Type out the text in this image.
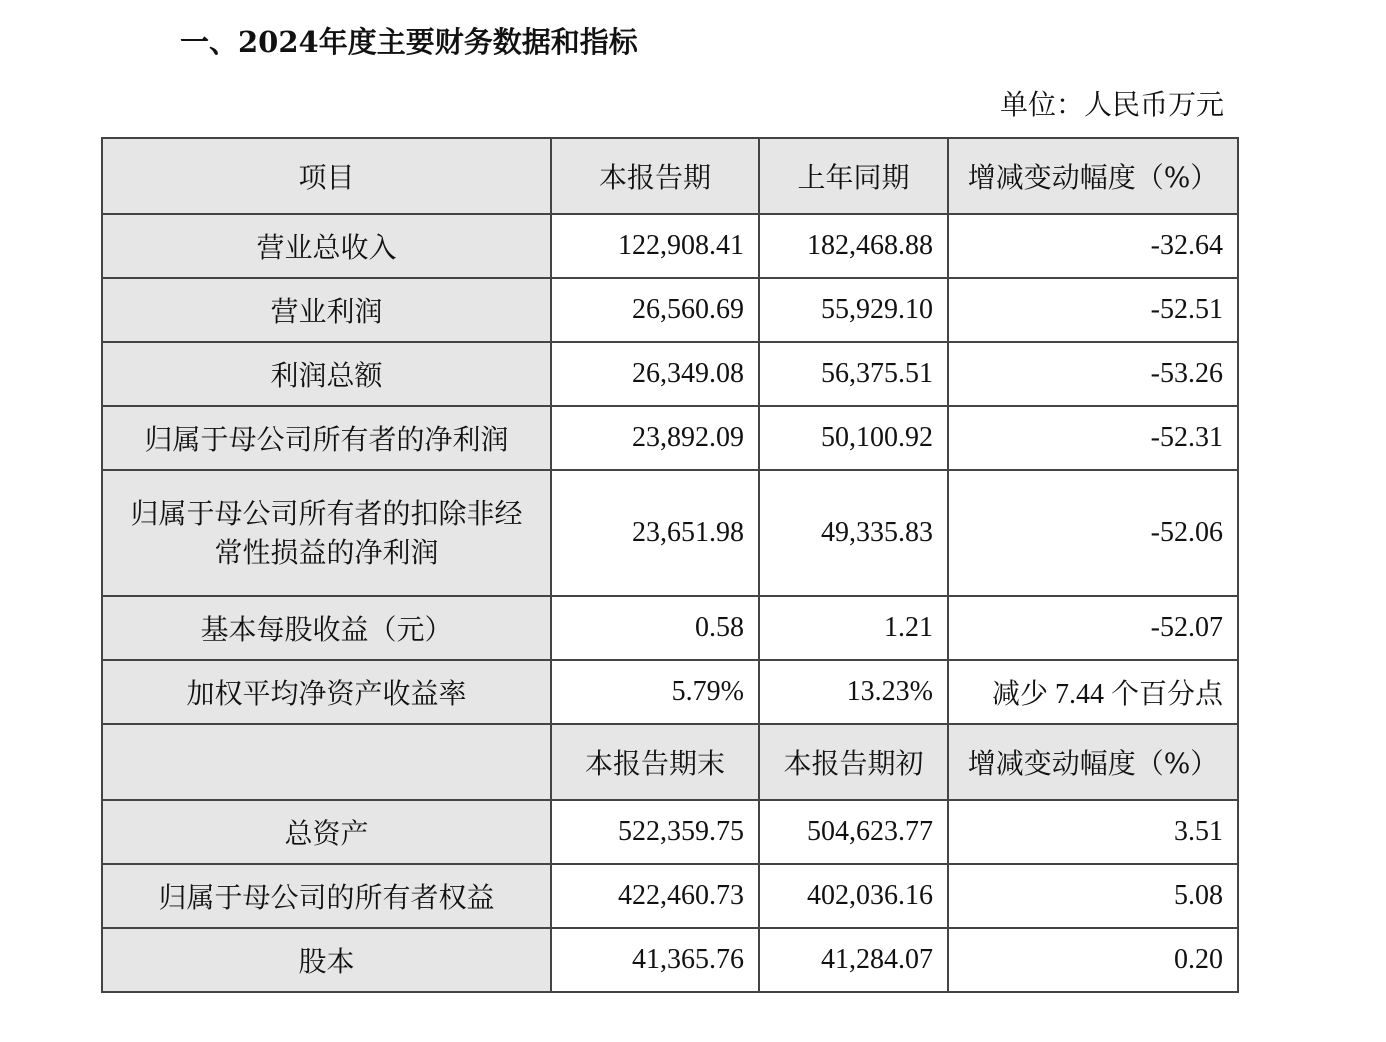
一、2024年度主要财务数据和指标
单位：人民币万元
项目	本报告期	上年同期	增减变动幅度（%）
营业总收入	122,908.41	182,468.88	-32.64
营业利润	26,560.69	55,929.10	-52.51
利润总额	26,349.08	56,375.51	-53.26
归属于母公司所有者的净利润	23,892.09	50,100.92	-52.31
归属于母公司所有者的扣除非经常性损益的净利润	23,651.98	49,335.83	-52.06
基本每股收益（元）	0.58	1.21	-52.07
加权平均净资产收益率	5.79%	13.23%	减少 7.44 个百分点
	本报告期末	本报告期初	增减变动幅度（%）
总资产	522,359.75	504,623.77	3.51
归属于母公司的所有者权益	422,460.73	402,036.16	5.08
股本	41,365.76	41,284.07	0.20
